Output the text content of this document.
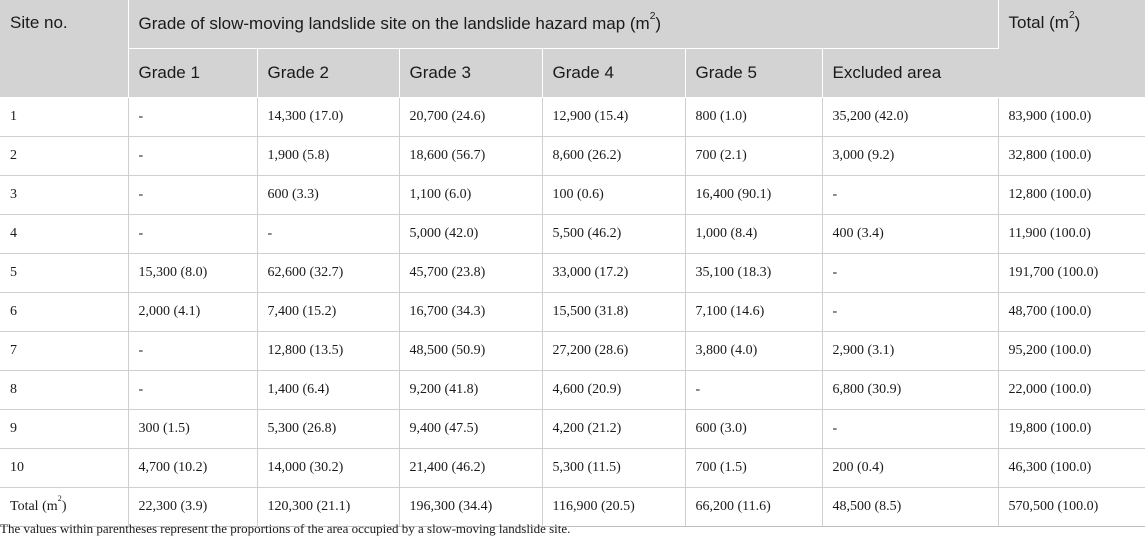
Site no.	Grade of slow-moving landslide site on the landslide hazard map $(m^2)$						Total $(m^2)$
	Grade 1	Grade 2	Grade 3	Grade 4	Grade 5	Excluded area	
1	-	14,300 (17.0)	20,700 (24.6)	12,900 (15.4)	800 (1.0)	35,200 (42.0)	83,900 (100.0)
2	-	1,900 (5.8)	18,600 (56.7)	8,600 (26.2)	700 (2.1)	3,000 (9.2)	32,800 (100.0)
3	-	600 (3.3)	1,100 (6.0)	100 (0.6)	16,400 (90.1)	-	12,800 (100.0)
4	-	-	5,000 (42.0)	5,500 (46.2)	1,000 (8.4)	400 (3.4)	11,900 (100.0)
5	15,300 (8.0)	62,600 (32.7)	45,700 (23.8)	33,000 (17.2)	35,100 (18.3)	-	191,700 (100.0)
6	2,000 (4.1)	7,400 (15.2)	16,700 (34.3)	15,500 (31.8)	7,100 (14.6)	-	48,700 (100.0)
7	-	12,800 (13.5)	48,500 (50.9)	27,200 (28.6)	3,800 (4.0)	2,900 (3.1)	95,200 (100.0)
8	-	1,400 (6.4)	9,200 (41.8)	4,600 (20.9)	-	6,800 (30.9)	22,000 (100.0)
9	300 (1.5)	5,300 (26.8)	9,400 (47.5)	4,200 (21.2)	600 (3.0)	-	19,800 (100.0)
10	4,700 (10.2)	14,000 (30.2)	21,400 (46.2)	5,300 (11.5)	700 (1.5)	200 (0.4)	46,300 (100.0)
Total $(m^2)$	22,300 (3.9)	120,300 (21.1)	196,300 (34.4)	116,900 (20.5)	66,200 (11.6)	48,500 (8.5)	570,500 (100.0)
The values within parentheses represent the proportions of the area occupied by a slow-moving landslide site.
